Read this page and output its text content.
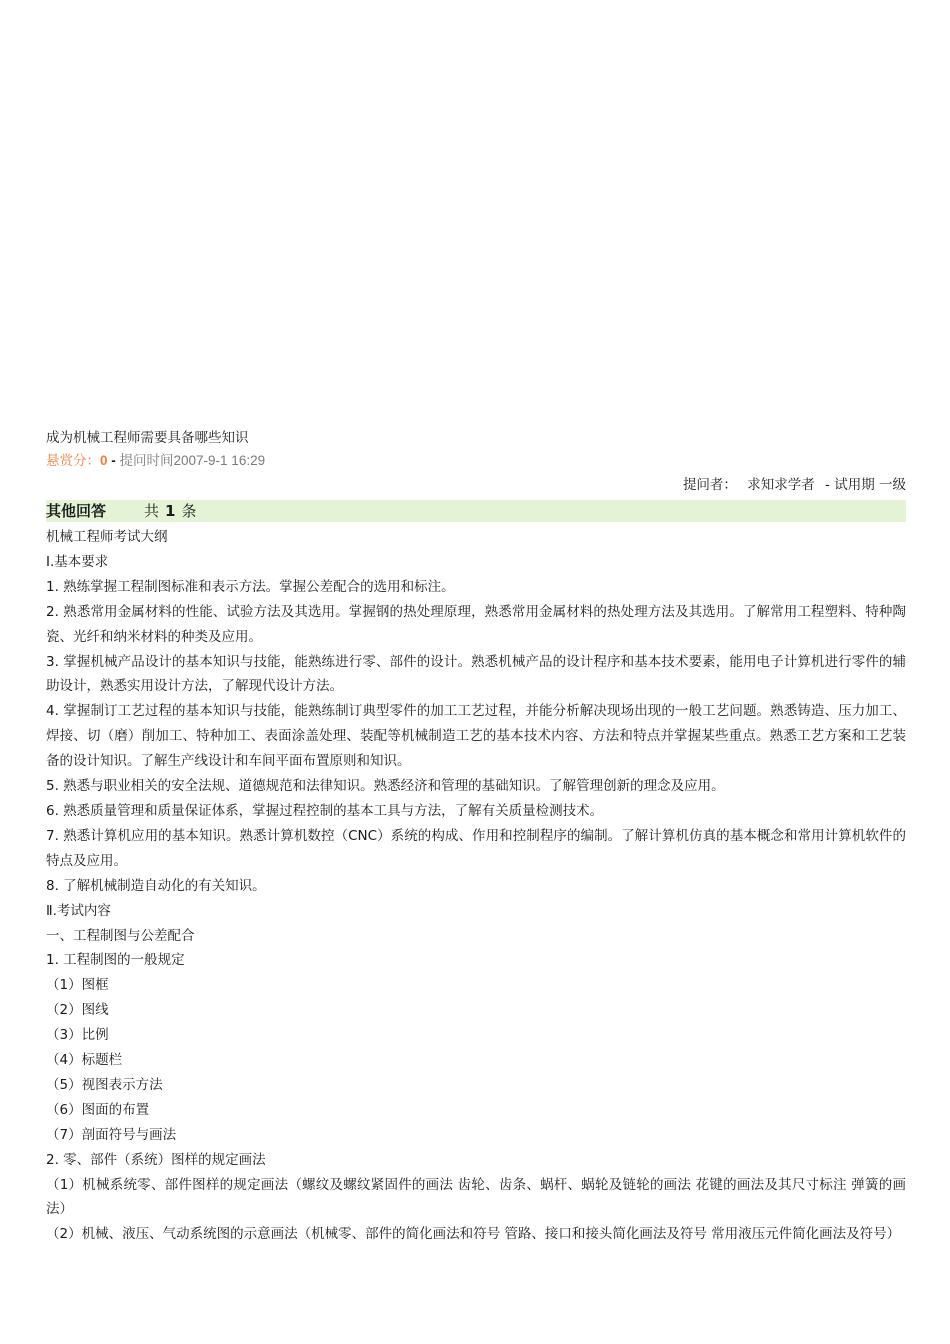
成为机械工程师需要具备哪些知识
悬赏分：0 - 提问时间2007-9-1 16:29
提问者： 求知求学者 - 试用期 一级
其他回答	共 1 条
机械工程师考试大纲
Ⅰ.基本要求
1. 熟练掌握工程制图标准和表示方法。掌握公差配合的选用和标注。
2. 熟悉常用金属材料的性能、试验方法及其选用。掌握钢的热处理原理，熟悉常用金属材料的热处理方法及其选用。了解常用工程塑料、特种陶瓷、光纤和纳米材料的种类及应用。
3. 掌握机械产品设计的基本知识与技能，能熟练进行零、部件的设计。熟悉机械产品的设计程序和基本技术要素，能用电子计算机进行零件的辅助设计，熟悉实用设计方法，了解现代设计方法。
4. 掌握制订工艺过程的基本知识与技能，能熟练制订典型零件的加工工艺过程，并能分析解决现场出现的一般工艺问题。熟悉铸造、压力加工、焊接、切（磨）削加工、特种加工、表面涂盖处理、装配等机械制造工艺的基本技术内容、方法和特点并掌握某些重点。熟悉工艺方案和工艺装备的设计知识。了解生产线设计和车间平面布置原则和知识。
5. 熟悉与职业相关的安全法规、道德规范和法律知识。熟悉经济和管理的基础知识。了解管理创新的理念及应用。
6. 熟悉质量管理和质量保证体系，掌握过程控制的基本工具与方法，了解有关质量检测技术。
7. 熟悉计算机应用的基本知识。熟悉计算机数控（CNC）系统的构成、作用和控制程序的编制。了解计算机仿真的基本概念和常用计算机软件的特点及应用。
8. 了解机械制造自动化的有关知识。
Ⅱ.考试内容
一、工程制图与公差配合
1. 工程制图的一般规定
（1）图框
（2）图线
（3）比例
（4）标题栏
（5）视图表示方法
（6）图面的布置
（7）剖面符号与画法
2. 零、部件（系统）图样的规定画法
（1）机械系统零、部件图样的规定画法（螺纹及螺纹紧固件的画法 齿轮、齿条、蜗杆、蜗轮及链轮的画法 花键的画法及其尺寸标注 弹簧的画法）
（2）机械、液压、气动系统图的示意画法（机械零、部件的简化画法和符号 管路、接口和接头简化画法及符号 常用液压元件简化画法及符号）
